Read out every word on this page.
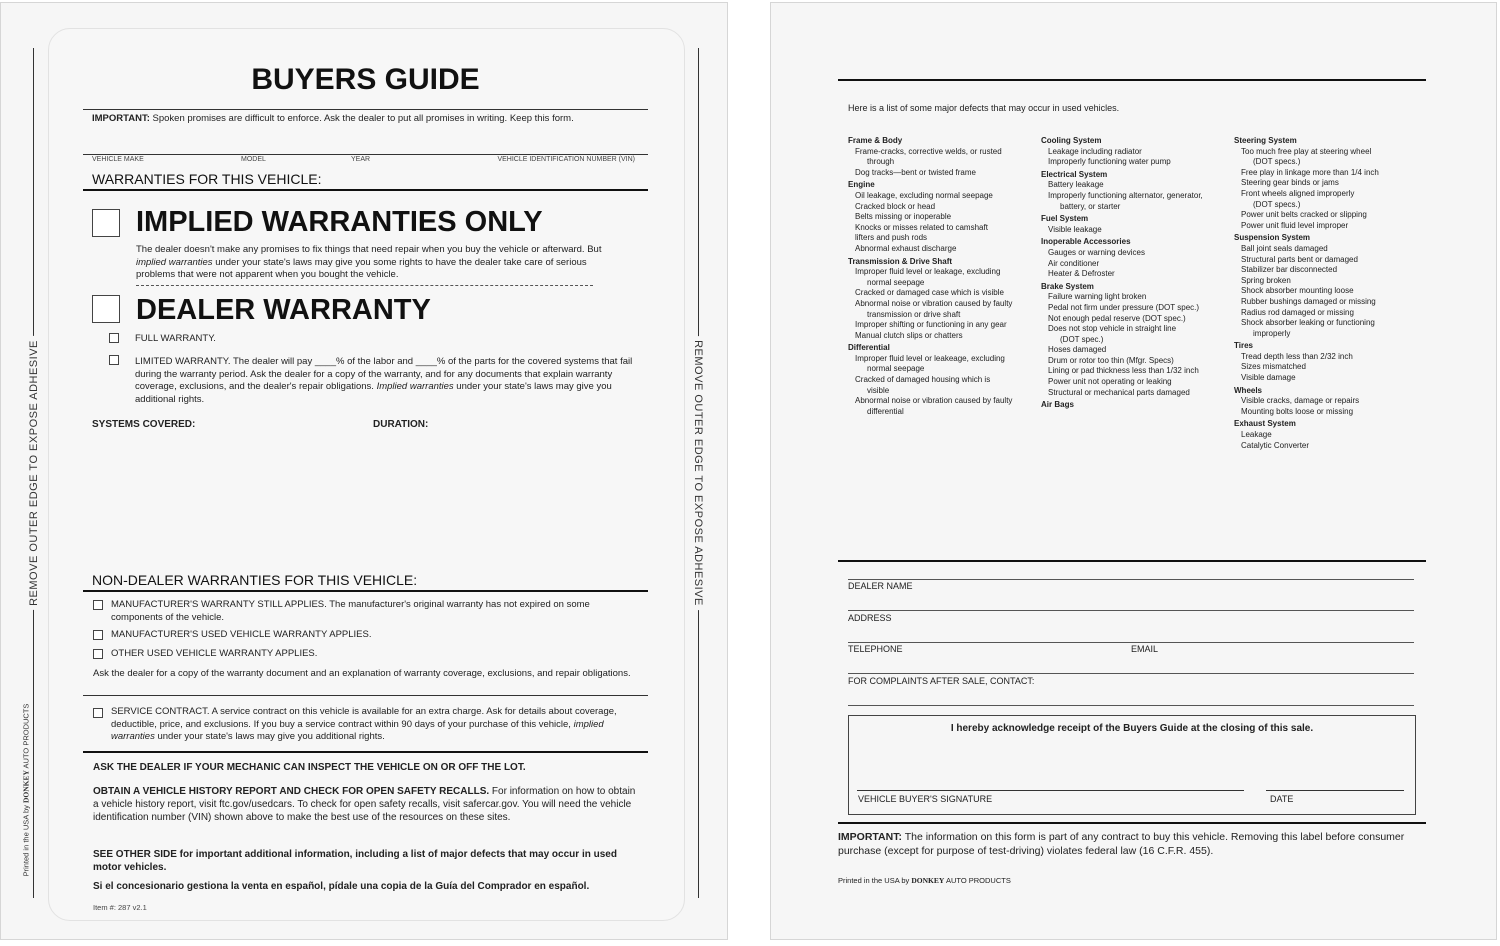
REMOVE OUTER EDGE TO EXPOSE ADHESIVE	REMOVE OUTER EDGE TO EXPOSE ADHESIVE
Printed in the USA by DONKEY AUTO PRODUCTS
BUYERS GUIDE
IMPORTANT: Spoken promises are difficult to enforce. Ask the dealer to put all promises in writing. Keep this form.
VEHICLE MAKE	MODEL	YEAR	VEHICLE IDENTIFICATION NUMBER (VIN)
WARRANTIES FOR THIS VEHICLE:
IMPLIED WARRANTIES ONLY
The dealer doesn't make any promises to fix things that need repair when you buy the vehicle or afterward. But implied warranties under your state's laws may give you some rights to have the dealer take care of serious problems that were not apparent when you bought the vehicle.
DEALER WARRANTY
FULL WARRANTY.
LIMITED WARRANTY. The dealer will pay ____% of the labor and ____% of the parts for the covered systems that fail during the warranty period. Ask the dealer for a copy of the warranty, and for any documents that explain warranty coverage, exclusions, and the dealer's repair obligations. Implied warranties under your state's laws may give you additional rights.
SYSTEMS COVERED:	DURATION:
NON-DEALER WARRANTIES FOR THIS VEHICLE:
MANUFACTURER'S WARRANTY STILL APPLIES. The manufacturer's original warranty has not expired on some components of the vehicle.
MANUFACTURER'S USED VEHICLE WARRANTY APPLIES.
OTHER USED VEHICLE WARRANTY APPLIES.
Ask the dealer for a copy of the warranty document and an explanation of warranty coverage, exclusions, and repair obligations.
SERVICE CONTRACT. A service contract on this vehicle is available for an extra charge. Ask for details about coverage, deductible, price, and exclusions. If you buy a service contract within 90 days of your purchase of this vehicle, implied warranties under your state's laws may give you additional rights.
ASK THE DEALER IF YOUR MECHANIC CAN INSPECT THE VEHICLE ON OR OFF THE LOT.
OBTAIN A VEHICLE HISTORY REPORT AND CHECK FOR OPEN SAFETY RECALLS. For information on how to obtain a vehicle history report, visit ftc.gov/usedcars. To check for open safety recalls, visit safercar.gov. You will need the vehicle identification number (VIN) shown above to make the best use of the resources on these sites.
SEE OTHER SIDE for important additional information, including a list of major defects that may occur in used motor vehicles.
Si el concesionario gestiona la venta en español, pídale una copia de la Guía del Comprador en español.
Item #: 287 v2.1
Here is a list of some major defects that may occur in used vehicles.
Frame & Body
Frame-cracks, corrective welds, or rusted
through
Dog tracks—bent or twisted frame
Engine
Oil leakage, excluding normal seepage
Cracked block or head
Belts missing or inoperable
Knocks or misses related to camshaft
lifters and push rods
Abnormal exhaust discharge
Transmission & Drive Shaft
Improper fluid level or leakage, excluding
normal seepage
Cracked or damaged case which is visible
Abnormal noise or vibration caused by faulty
transmission or drive shaft
Improper shifting or functioning in any gear
Manual clutch slips or chatters
Differential
Improper fluid level or leakeage, excluding
normal seepage
Cracked of damaged housing which is
visible
Abnormal noise or vibration caused by faulty
differential
Cooling System
Leakage including radiator
Improperly functioning water pump
Electrical System
Battery leakage
Improperly functioning alternator, generator,
battery, or starter
Fuel System
Visible leakage
Inoperable Accessories
Gauges or warning devices
Air conditioner
Heater & Defroster
Brake System
Failure warning light broken
Pedal not firm under pressure (DOT spec.)
Not enough pedal reserve (DOT spec.)
Does not stop vehicle in straight line
(DOT spec.)
Hoses damaged
Drum or rotor too thin (Mfgr. Specs)
Lining or pad thickness less than 1/32 inch
Power unit not operating or leaking
Structural or mechanical parts damaged
Air Bags
Steering System
Too much free play at steering wheel
(DOT specs.)
Free play in linkage more than 1/4 inch
Steering gear binds or jams
Front wheels aligned improperly
(DOT specs.)
Power unit belts cracked or slipping
Power unit fluid level improper
Suspension System
Ball joint seals damaged
Structural parts bent or damaged
Stabilizer bar disconnected
Spring broken
Shock absorber mounting loose
Rubber bushings damaged or missing
Radius rod damaged or missing
Shock absorber leaking or functioning
improperly
Tires
Tread depth less than 2/32 inch
Sizes mismatched
Visible damage
Wheels
Visible cracks, damage or repairs
Mounting bolts loose or missing
Exhaust System
Leakage
Catalytic Converter
DEALER NAME
ADDRESS
TELEPHONE	EMAIL
FOR COMPLAINTS AFTER SALE, CONTACT:
I hereby acknowledge receipt of the Buyers Guide at the closing of this sale.
VEHICLE BUYER'S SIGNATURE	DATE
IMPORTANT: The information on this form is part of any contract to buy this vehicle. Removing this label before consumer purchase (except for purpose of test-driving) violates federal law (16 C.F.R. 455).
Printed in the USA by DONKEY AUTO PRODUCTS
